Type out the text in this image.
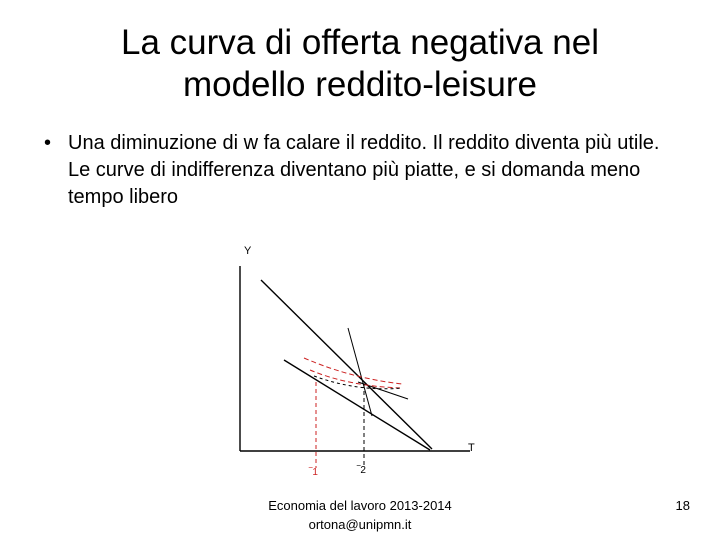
La curva di offerta negativa nel
modello reddito-leisure
• Una diminuzione di w fa calare il reddito. Il reddito diventa più utile. Le curve di indifferenza diventano più piatte, e si domanda meno tempo libero
Y
T
‾1	‾2
Economia del lavoro 2013-2014
ortona@unipmn.it
18
